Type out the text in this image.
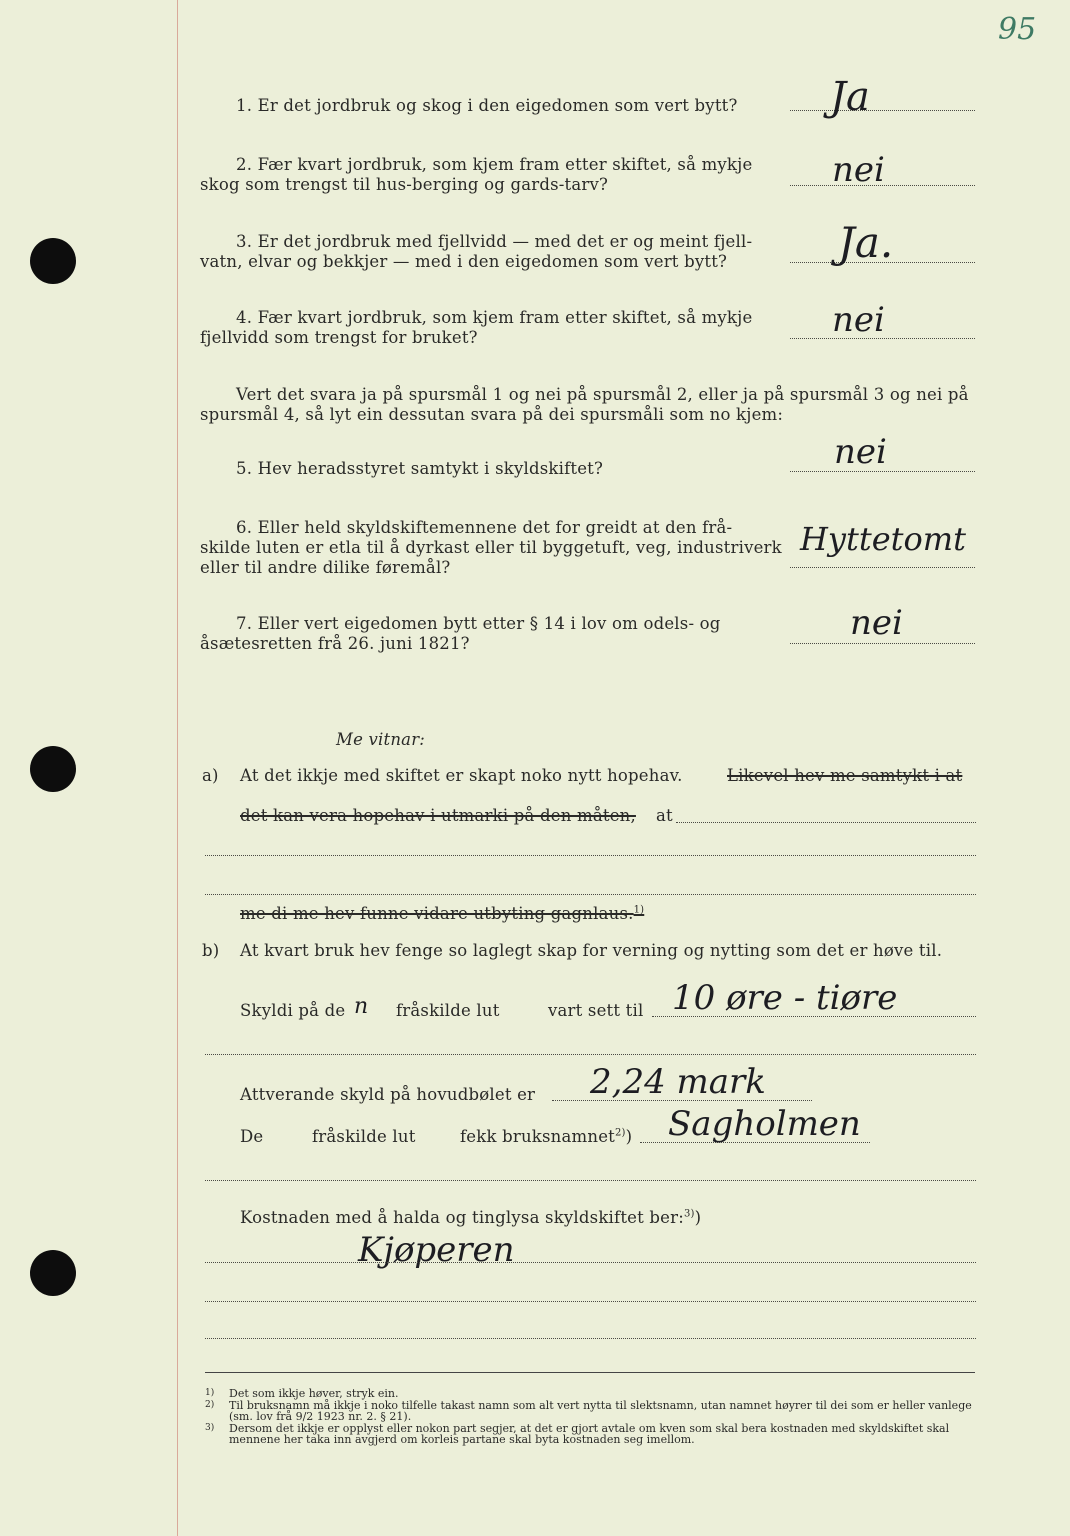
95
1. Er det jordbruk og skog i den eigedomen som vert bytt?	Ja
2. Fær kvart jordbruk, som kjem fram etter skiftet, så mykje
skog som trengst til hus-berging og gards-tarv?	nei
3. Er det jordbruk med fjellvidd — med det er og meint fjell-
vatn, elvar og bekkjer — med i den eigedomen som vert bytt?	Ja.
4. Fær kvart jordbruk, som kjem fram etter skiftet, så mykje
fjellvidd som trengst for bruket?	nei
Vert det svara ja på spursmål 1 og nei på spursmål 2, eller ja på spursmål 3 og nei på
spursmål 4, så lyt ein dessutan svara på dei spursmåli som no kjem:
5. Hev heradsstyret samtykt i skyldskiftet?	nei
6. Eller held skyldskiftemennene det for greidt at den frå-
skilde luten er etla til å dyrkast eller til byggetuft, veg, industriverk
eller til andre dilike føremål?
Hyttetomt
7. Eller vert eigedomen bytt etter § 14 i lov om odels- og
åsætesretten frå 26. juni 1821?
nei
Me vitnar:
a) At det ikkje med skiftet er skapt noko nytt hopehav.	Likevel hev me samtykt i at
det kan vera hopehav i utmarki på den måten, at
me di me hev funne vidare utbyting gagnlaus.$^{1)}$
b) At kvart bruk hev fenge so laglegt skap for verning og nytting som det er høve til.
Skyldi på de n fråskilde lut	vart sett til 10 øre - tiøre
Attverande skyld på hovudbølet er 2,24 mark
De	fråskilde lut	fekk bruksnamnet$^{2)}$) Sagholmen
Kostnaden med å halda og tinglysa skyldskiftet ber:$^{3)}$)
Kjøperen
1)	Det som ikkje høver, stryk ein.
2)	Til bruksnamn må ikkje i noko tilfelle takast namn som alt vert nytta til slektsnamn, utan namnet høyrer til dei som er heller vanlege (sm. lov frå 9/2 1923 nr. 2. § 21).
3)	Dersom det ikkje er opplyst eller nokon part segjer, at det er gjort avtale om kven som skal bera kostnaden med skyldskiftet skal mennene her taka inn avgjerd om korleis partane skal byta kostnaden seg imellom.
